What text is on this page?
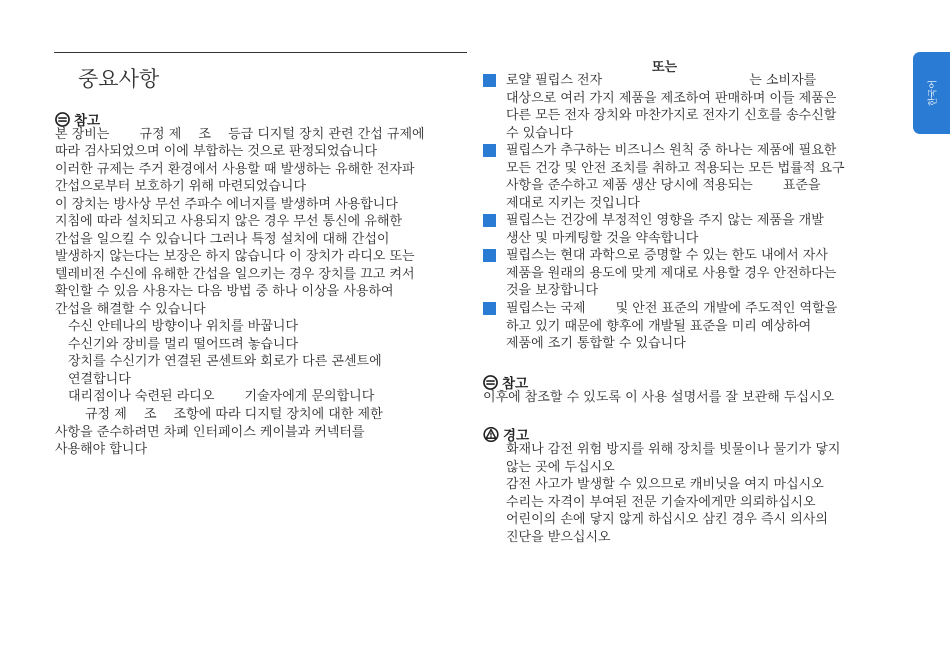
중요사항
한국어
참고
본 장비는 　　규정 제 　조 　등급 디지털 장치 관련 간섭 규제에
따라 검사되었으며 이에 부합하는 것으로 판정되었습니다
이러한 규제는 주거 환경에서 사용할 때 발생하는 유해한 전자파
간섭으로부터 보호하기 위해 마련되었습니다
이 장치는 방사상 무선 주파수 에너지를 발생하며 사용합니다
지침에 따라 설치되고 사용되지 않은 경우 무선 통신에 유해한
간섭을 일으킬 수 있습니다 그러나 특정 설치에 대해 간섭이
발생하지 않는다는 보장은 하지 않습니다 이 장치가 라디오 또는
텔레비전 수신에 유해한 간섭을 일으키는 경우 장치를 끄고 켜서
확인할 수 있음 사용자는 다음 방법 중 하나 이상을 사용하여
간섭을 해결할 수 있습니다
수신 안테나의 방향이나 위치를 바꿉니다
수신기와 장비를 멀리 떨어뜨려 놓습니다
장치를 수신기가 연결된 콘센트와 회로가 다른 콘센트에
연결합니다
대리점이나 숙련된 라디오 　　기술자에게 문의합니다
규정 제 　조 　조항에 따라 디지털 장치에 대한 제한
사항을 준수하려면 차폐 인터페이스 케이블과 커넥터를
사용해야 합니다
또는
로얄 필립스 전자 　　　　　　　　　　　는 소비자를
대상으로 여러 가지 제품을 제조하여 판매하며 이들 제품은
다른 모든 전자 장치와 마찬가지로 전자기 신호를 송수신할
수 있습니다
필립스가 추구하는 비즈니스 원칙 중 하나는 제품에 필요한
모든 건강 및 안전 조치를 취하고 적용되는 모든 법률적 요구
사항을 준수하고 제품 생산 당시에 적용되는 　　표준을
제대로 지키는 것입니다
필립스는 건강에 부정적인 영향을 주지 않는 제품을 개발
생산 및 마케팅할 것을 약속합니다
필립스는 현대 과학으로 증명할 수 있는 한도 내에서 자사
제품을 원래의 용도에 맞게 제대로 사용할 경우 안전하다는
것을 보장합니다
필립스는 국제 　　및 안전 표준의 개발에 주도적인 역할을
하고 있기 때문에 향후에 개발될 표준을 미리 예상하여
제품에 조기 통합할 수 있습니다
참고
이후에 참조할 수 있도록 이 사용 설명서를 잘 보관해 두십시오
경고
화재나 감전 위험 방지를 위해 장치를 빗물이나 물기가 닿지
않는 곳에 두십시오
감전 사고가 발생할 수 있으므로 캐비닛을 여지 마십시오
수리는 자격이 부여된 전문 기술자에게만 의뢰하십시오
어린이의 손에 닿지 않게 하십시오 삼킨 경우 즉시 의사의
진단을 받으십시오
